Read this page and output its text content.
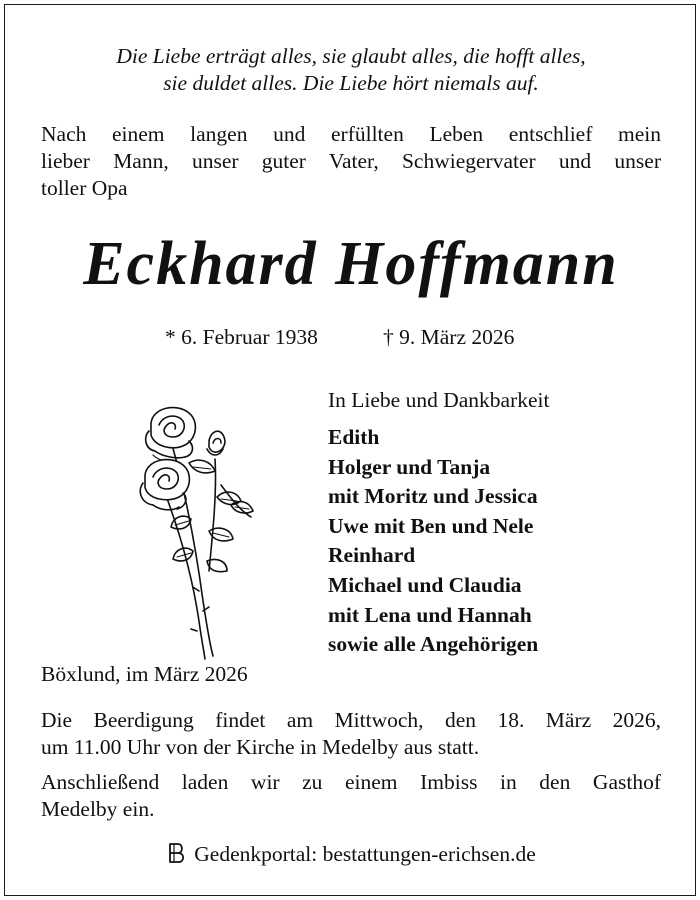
Die Liebe erträgt alles, sie glaubt alles, die hofft alles,
sie duldet alles. Die Liebe hört niemals auf.
Nach einem langen und erfüllten Leben entschlief mein
lieber Mann, unser guter Vater, Schwiegervater und unser
toller Opa
Eckhard Hoffmann
* 6. Februar 1938	† 9. März 2026
In Liebe und Dankbarkeit
Edith
Holger und Tanja
mit Moritz und Jessica
Uwe mit Ben und Nele
Reinhard
Michael und Claudia
mit Lena und Hannah
sowie alle Angehörigen
Böxlund, im März 2026
Die Beerdigung findet am Mittwoch, den 18. März 2026,
um 11.00 Uhr von der Kirche in Medelby aus statt.
Anschließend laden wir zu einem Imbiss in den Gasthof
Medelby ein.
Gedenkportal: bestattungen-erichsen.de
